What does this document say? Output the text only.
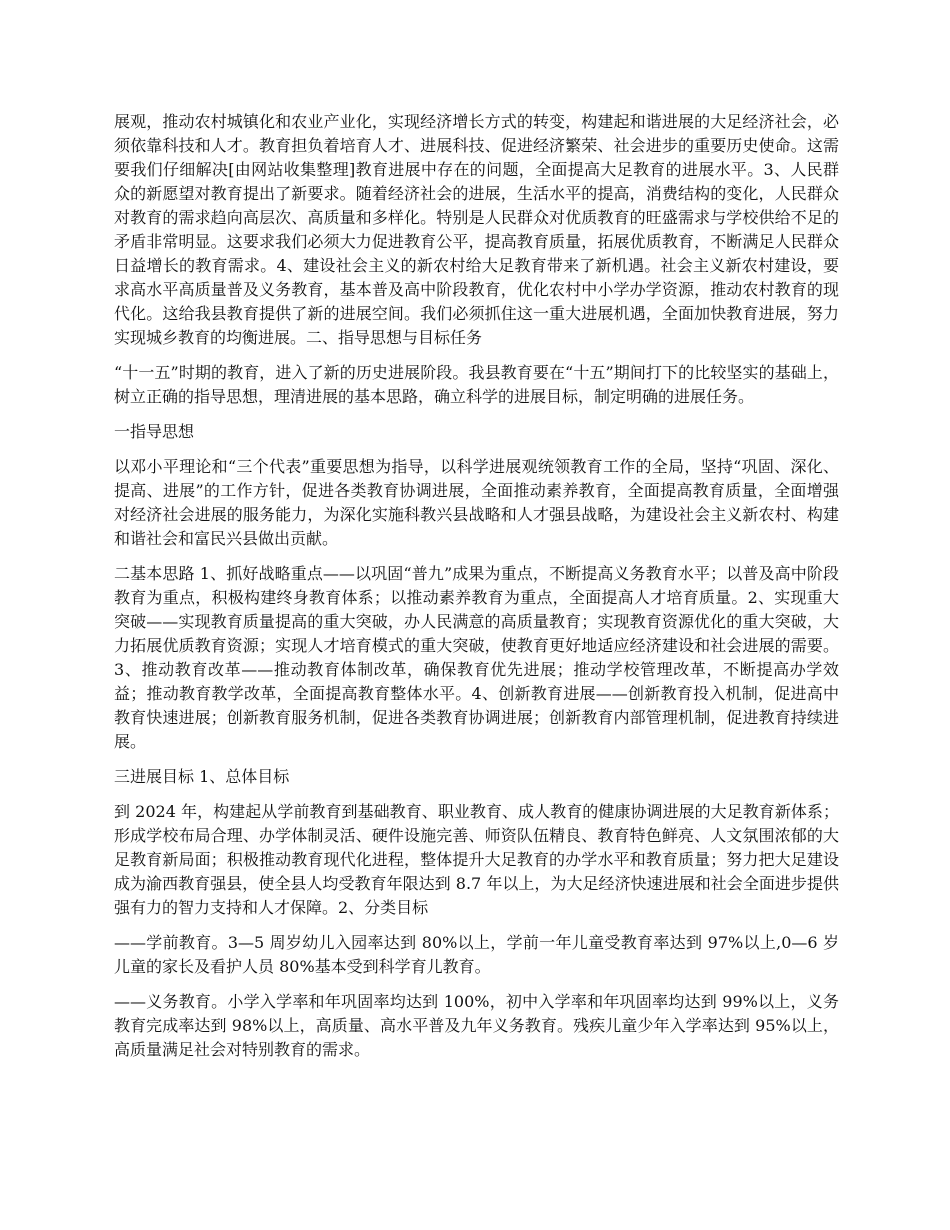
展观，推动农村城镇化和农业产业化，实现经济增长方式的转变，构建起和谐进展的大足经济社会，必须依靠科技和人才。教育担负着培育人才、进展科技、促进经济繁荣、社会进步的重要历史使命。这需要我们仔细解决[由网站收集整理]教育进展中存在的问题，全面提高大足教育的进展水平。3、人民群众的新愿望对教育提出了新要求。随着经济社会的进展，生活水平的提高，消费结构的变化，人民群众对教育的需求趋向高层次、高质量和多样化。特别是人民群众对优质教育的旺盛需求与学校供给不足的矛盾非常明显。这要求我们必须大力促进教育公平，提高教育质量，拓展优质教育，不断满足人民群众日益增长的教育需求。4、建设社会主义的新农村给大足教育带来了新机遇。社会主义新农村建设，要求高水平高质量普及义务教育，基本普及高中阶段教育，优化农村中小学办学资源，推动农村教育的现代化。这给我县教育提供了新的进展空间。我们必须抓住这一重大进展机遇，全面加快教育进展，努力实现城乡教育的均衡进展。二、指导思想与目标任务

“十一五”时期的教育，进入了新的历史进展阶段。我县教育要在“十五”期间打下的比较坚实的基础上，树立正确的指导思想，理清进展的基本思路，确立科学的进展目标，制定明确的进展任务。

一指导思想

以邓小平理论和“三个代表”重要思想为指导，以科学进展观统领教育工作的全局，坚持“巩固、深化、提高、进展”的工作方针，促进各类教育协调进展，全面推动素养教育，全面提高教育质量，全面增强对经济社会进展的服务能力，为深化实施科教兴县战略和人才强县战略，为建设社会主义新农村、构建和谐社会和富民兴县做出贡献。

二基本思路 1、抓好战略重点——以巩固“普九”成果为重点，不断提高义务教育水平；以普及高中阶段教育为重点，积极构建终身教育体系；以推动素养教育为重点，全面提高人才培育质量。2、实现重大突破——实现教育质量提高的重大突破，办人民满意的高质量教育；实现教育资源优化的重大突破，大力拓展优质教育资源；实现人才培育模式的重大突破，使教育更好地适应经济建设和社会进展的需要。3、推动教育改革——推动教育体制改革，确保教育优先进展；推动学校管理改革，不断提高办学效益；推动教育教学改革，全面提高教育整体水平。4、创新教育进展——创新教育投入机制，促进高中教育快速进展；创新教育服务机制，促进各类教育协调进展；创新教育内部管理机制，促进教育持续进展。

三进展目标 1、总体目标

到 2024 年，构建起从学前教育到基础教育、职业教育、成人教育的健康协调进展的大足教育新体系；形成学校布局合理、办学体制灵活、硬件设施完善、师资队伍精良、教育特色鲜亮、人文氛围浓郁的大足教育新局面；积极推动教育现代化进程，整体提升大足教育的办学水平和教育质量；努力把大足建设成为渝西教育强县，使全县人均受教育年限达到 8.7 年以上，为大足经济快速进展和社会全面进步提供强有力的智力支持和人才保障。2、分类目标

——学前教育。3—5 周岁幼儿入园率达到 80%以上，学前一年儿童受教育率达到 97%以上,0—6 岁儿童的家长及看护人员 80%基本受到科学育儿教育。

——义务教育。小学入学率和年巩固率均达到 100%，初中入学率和年巩固率均达到 99%以上，义务教育完成率达到 98%以上，高质量、高水平普及九年义务教育。残疾儿童少年入学率达到 95%以上，高质量满足社会对特别教育的需求。
